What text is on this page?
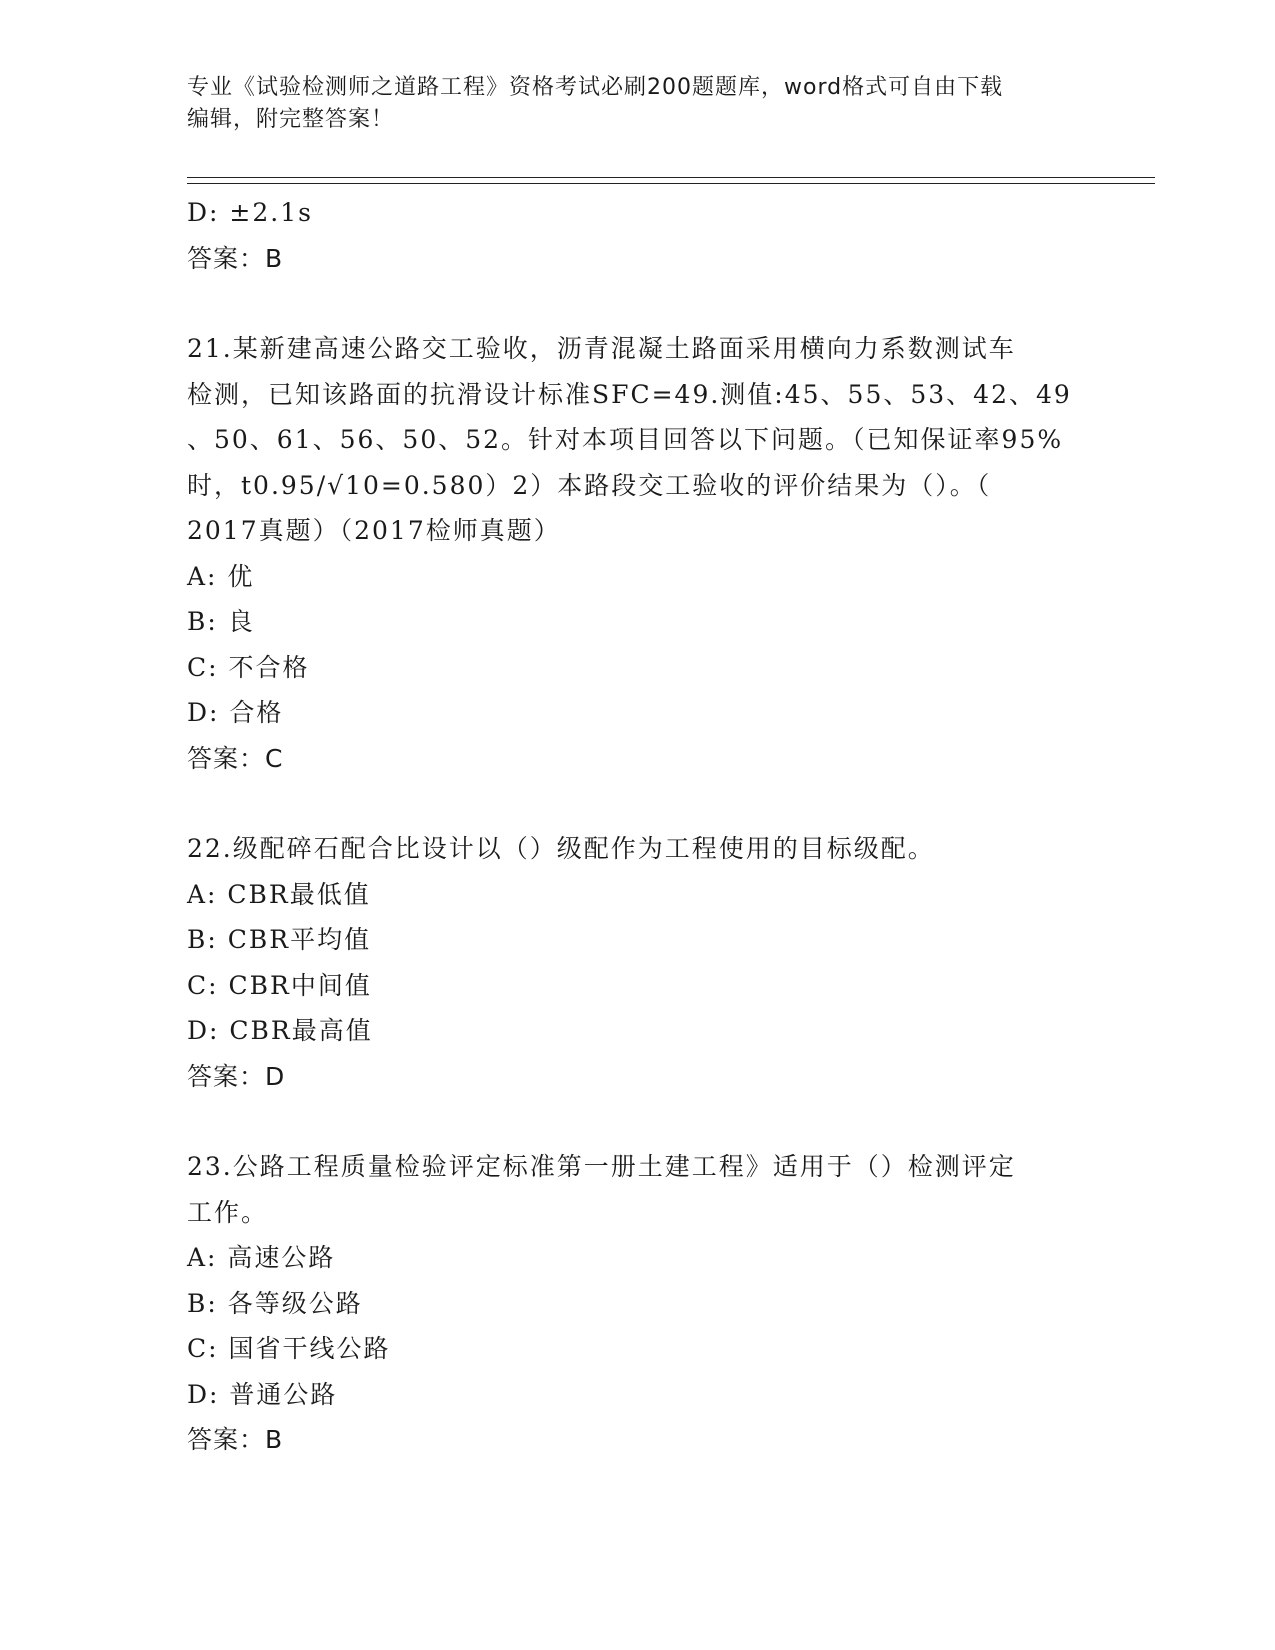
专业《试验检测师之道路工程》资格考试必刷200题题库，word格式可自由下载
编辑，附完整答案！
D: ±2.1s
答案：B
21.某新建高速公路交工验收，沥青混凝土路面采用横向力系数测试车
检测，已知该路面的抗滑设计标准SFC=49.测值:45、55、53、42、49
、50、61、56、50、52。针对本项目回答以下问题。（已知保证率95%
时，t0.95/√10=0.580）2）本路段交工验收的评价结果为（）。（
2017真题）（2017检师真题）
A: 优
B: 良
C: 不合格
D: 合格
答案：C
22.级配碎石配合比设计以（）级配作为工程使用的目标级配。
A: CBR最低值
B: CBR平均值
C: CBR中间值
D: CBR最高值
答案：D
23.公路工程质量检验评定标准第一册土建工程》适用于（）检测评定
工作。
A: 高速公路
B: 各等级公路
C: 国省干线公路
D: 普通公路
答案：B
